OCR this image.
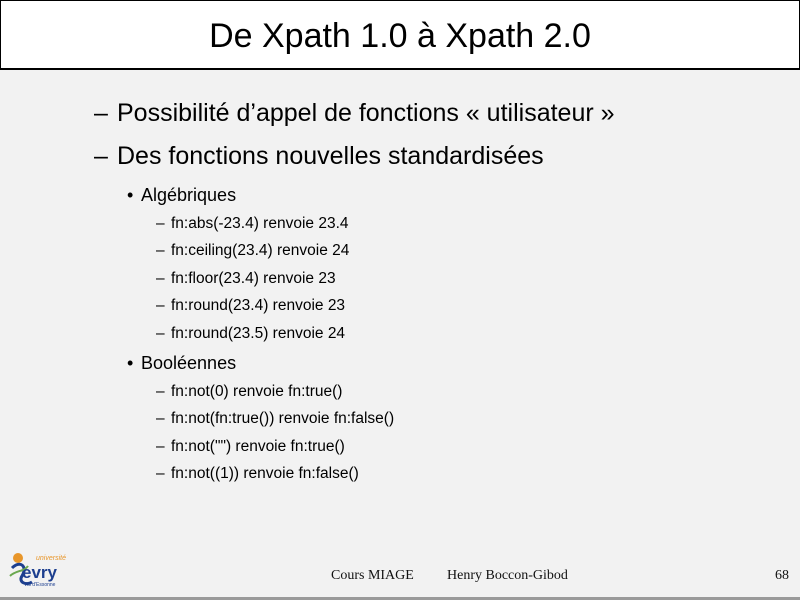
De Xpath 1.0 à Xpath 2.0
– Possibilité d’appel de fonctions « utilisateur »
– Des fonctions nouvelles standardisées
• Algébriques
– fn:abs(-23.4) renvoie 23.4
– fn:ceiling(23.4) renvoie 24
– fn:floor(23.4) renvoie 23
– fn:round(23.4) renvoie 23
– fn:round(23.5) renvoie 24
• Booléennes
– fn:not(0) renvoie fn:true()
– fn:not(fn:true()) renvoie fn:false()
– fn:not("") renvoie fn:true()
– fn:not((1)) renvoie fn:false()
université
evry
Val d'Essonne
Cours MIAGE Henry Boccon-Gibod	68
